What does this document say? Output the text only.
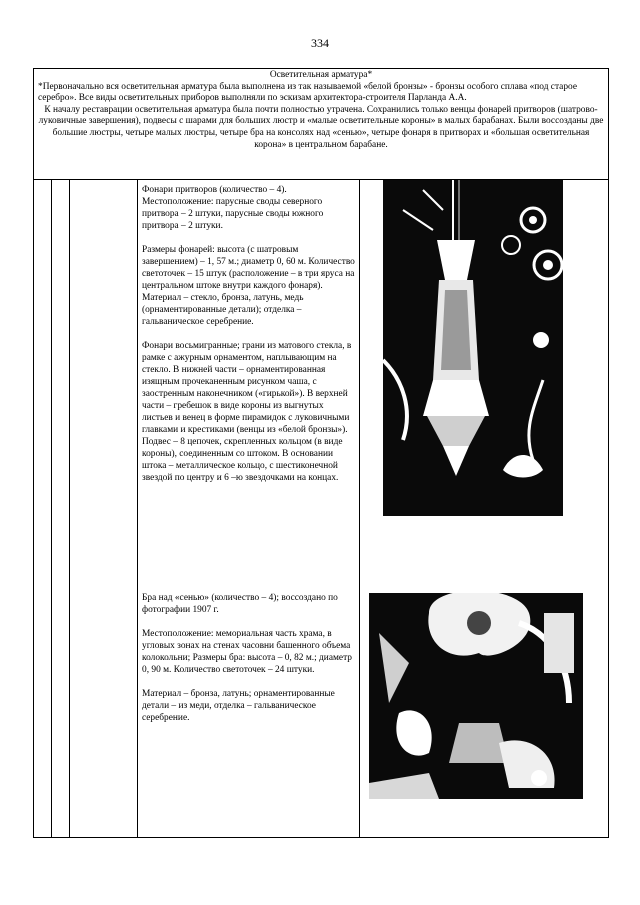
334

Осветительная арматура*

*Первоначально вся осветительная арматура была выполнена из так называемой «белой бронзы» - бронзы особого сплава «под старое серебро». Все виды осветительных приборов выполняли по эскизам архитектора-строителя Парланда А.А.

К началу реставрации осветительная арматура была почти полностью утрачена. Сохранились только венцы фонарей притворов (шатрово-луковичные завершения), подвесы с шарами для больших люстр и «малые осветительные короны» в малых барабанах. Были воссозданы две большие люстры, четыре малых люстры, четыре бра на консолях над «сенью», четыре фонаря в притворах и «большая осветительная корона» в центральном барабане.

Фонари притворов (количество – 4). Местоположение: парусные своды северного притвора – 2 штуки, парусные своды южного притвора – 2 штуки.

Размеры фонарей: высота (с шатровым завершением) – 1, 57 м.; диаметр 0, 60 м. Количество светоточек – 15 штук (расположение – в три яруса на центральном штоке внутри каждого фонаря). Материал – стекло, бронза, латунь, медь (орнаментированные детали); отделка – гальваническое серебрение.

Фонари восьмигранные; грани из матового стекла, в рамке с ажурным орнаментом, наплывающим на стекло. В нижней части – орнаментированная изящным прочеканенным рисунком чаша, с заостренным наконечником («гирькой»). В верхней части – гребешок в виде короны из выгнутых листьев и венец в форме пирамидок с луковичными главками и крестиками (венцы из «белой бронзы»). Подвес – 8 цепочек, скрепленных кольцом (в виде короны), соединенным со штоком. В основании штока – металлическое кольцо, с шестиконечной звездой по центру и 6 –ю звездочками на концах.

Бра над «сенью» (количество – 4); воссоздано по фотографии 1907 г.

Местоположение: мемориальная часть храма, в угловых зонах на стенах часовни башенного объема колокольни; Размеры бра: высота – 0, 82 м.; диаметр 0, 90 м. Количество светоточек – 24 штуки.

Материал – бронза, латунь; орнаментированные детали – из меди, отделка – гальваническое серебрение.
